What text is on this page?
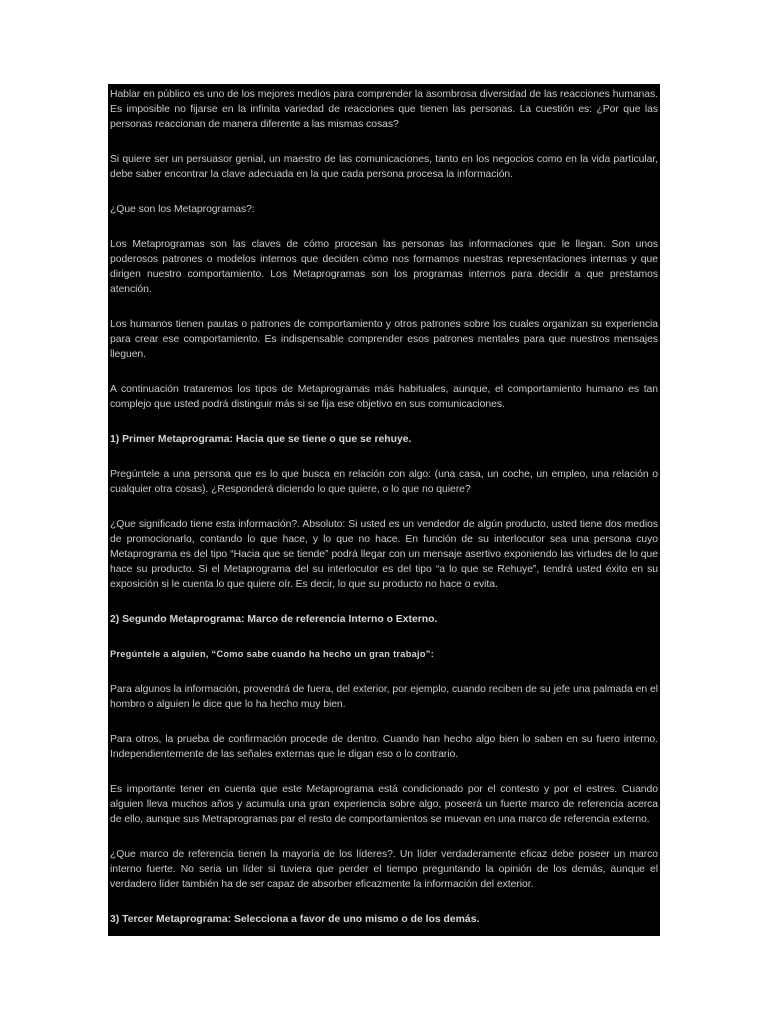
Hablar en público es uno de los mejores medios para comprender la asombrosa diversidad de las reacciones humanas. Es imposible no fijarse en la infinita variedad de reacciones que tienen las personas. La cuestión es: ¿Por que las personas reaccionan de manera diferente a las mismas cosas?

Si quiere ser un persuasor genial, un maestro de las comunicaciones, tanto en los negocios como en la vida particular, debe saber encontrar la clave adecuada en la que cada persona procesa la información.

¿Que son los Metaprogramas?:

Los Metaprogramas son las claves de cómo procesan las personas las informaciones que le llegan. Son unos poderosos patrones o modelos internos que deciden cómo nos formamos nuestras representaciones internas y que dirigen nuestro comportamiento. Los Metaprogramas son los programas internos para decidir a que prestamos atención.

Los humanos tienen pautas o patrones de comportamiento y otros patrones sobre los cuales organizan su experiencia para crear ese comportamiento. Es indispensable comprender esos patrones mentales para que nuestros mensajes lleguen.

A continuación trataremos los tipos de Metaprogramas más habituales, aunque, el comportamiento humano es tan complejo que usted podrá distinguir más si se fija ese objetivo en sus comunicaciones.

1) Primer Metaprograma: Hacia que se tiene o que se rehuye.

Pregúntele a una persona que es lo que busca en relación con algo: (una casa, un coche, un empleo, una relación o cualquier otra cosas). ¿Responderá diciendo lo que quiere, o lo que no quiere?

¿Que significado tiene esta información?. Absoluto: Si usted es un vendedor de algún producto, usted tiene dos medios de promocionarlo, contando lo que hace, y lo que no hace. En función de su interlocutor sea una persona cuyo Metaprograma es del tipo “Hacia que se tiende” podrá llegar con un mensaje asertivo exponiendo las virtudes de lo que hace su producto. Si el Metaprograma del su interlocutor es del tipo “a lo que se Rehuye”, tendrá usted éxito en su exposición si le cuenta lo que quiere oír. Es decir, lo que su producto no hace o evita.

2) Segundo Metaprograma: Marco de referencia Interno o Externo.

Pregúntele a alguien, “Como sabe cuando ha hecho un gran trabajo”:

Para algunos la información, provendrá de fuera, del exterior, por ejemplo, cuando reciben de su jefe una palmada en el hombro o alguien le dice que lo ha hecho muy bien.

Para otros, la prueba de confirmación procede de dentro. Cuando han hecho algo bien lo saben en su fuero interno. Independientemente de las señales externas que le digan eso o lo contrario.

Es importante tener en cuenta que este Metaprograma está condicionado por el contesto y por el estres. Cuando alguien lleva muchos años y acumula una gran experiencia sobre algo, poseerá un fuerte marco de referencia acerca de ello, aunque sus Metraprogramas par el resto de comportamientos se muevan en una marco de referencia externo.

¿Que marco de referencia tienen la mayoría de los líderes?. Un líder verdaderamente eficaz debe poseer un marco interno fuerte. No seria un líder si tuviera que perder el tiempo preguntando la opinión de los demás, aunque el verdadero líder también ha de ser capaz de absorber eficazmente la información del exterior.

3) Tercer Metaprograma: Selecciona a favor de uno mismo o de los demás.
